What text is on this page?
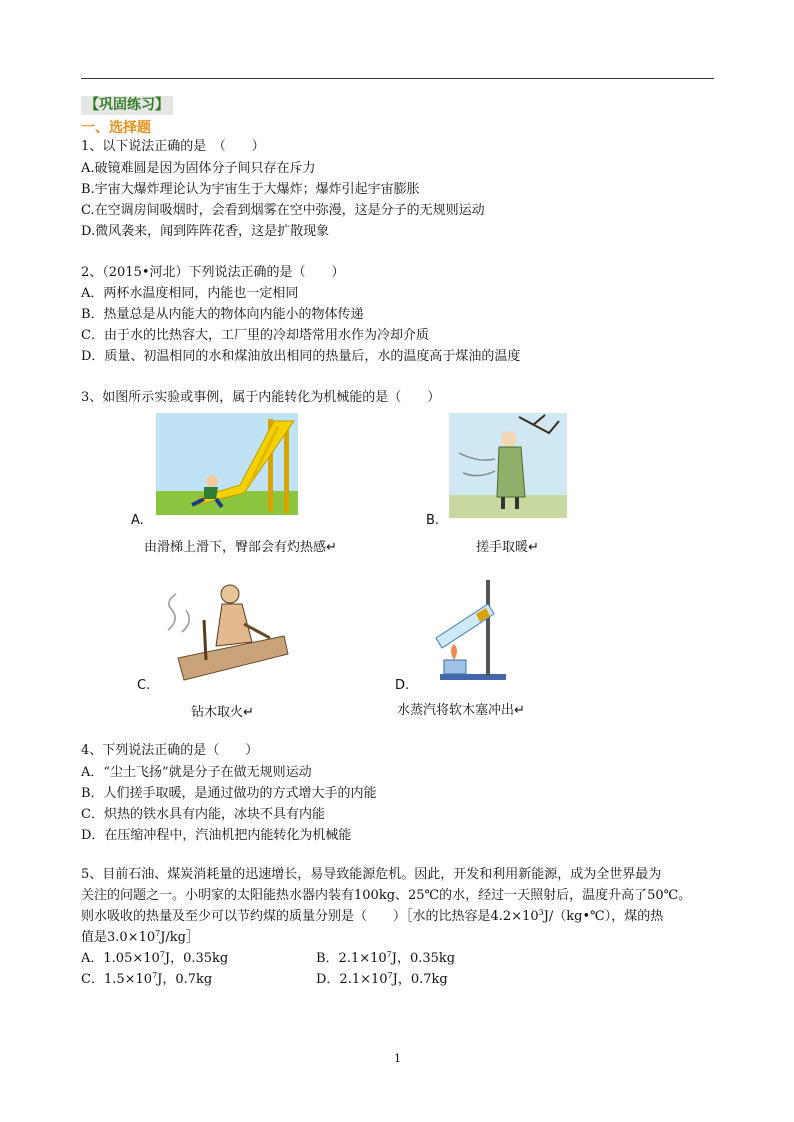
【巩固练习】
一、选择题
1、以下说法正确的是　（　　）
A.破镜难圆是因为固体分子间只存在斥力
B.宇宙大爆炸理论认为宇宙生于大爆炸；爆炸引起宇宙膨胀
C.在空调房间吸烟时，会看到烟雾在空中弥漫，这是分子的无规则运动
D.微风袭来，闻到阵阵花香，这是扩散现象
2、（2015•河北）下列说法正确的是（　　）
A．两杯水温度相同，内能也一定相同
B．热量总是从内能大的物体向内能小的物体传递
C．由于水的比热容大，工厂里的冷却塔常用水作为冷却介质
D．质量、初温相同的水和煤油放出相同的热量后，水的温度高于煤油的温度
3、如图所示实验或事例，属于内能转化为机械能的是（　　）
A.
由滑梯上滑下，臀部会有灼热感↵
B.
搓手取暖↵
C.
钻木取火↵
D.
水蒸汽将软木塞冲出↵
4、下列说法正确的是（　　）
A．“尘土飞扬”就是分子在做无规则运动
B．人们搓手取暖，是通过做功的方式增大手的内能
C．炽热的铁水具有内能，冰块不具有内能
D．在压缩冲程中，汽油机把内能转化为机械能
5、目前石油、煤炭消耗量的迅速增长，易导致能源危机。因此，开发和利用新能源，成为全世界最为
关注的问题之一。小明家的太阳能热水器内装有100kg、25℃的水，经过一天照射后，温度升高了50℃。
则水吸收的热量及至少可以节约煤的质量分别是（　　）［水的比热容是$4.2\times 10^3J/(kg•℃)$，煤的热
值是$3.0\times 10^7J/kg]$
A．$1.05\times 10^7J$，0.35kg	B．$2.1\times 10^7J$，0.35kg
C．$1.5\times 10^7J$，0.7kg	D．$2.1\times 10^7J$，0.7kg
1
